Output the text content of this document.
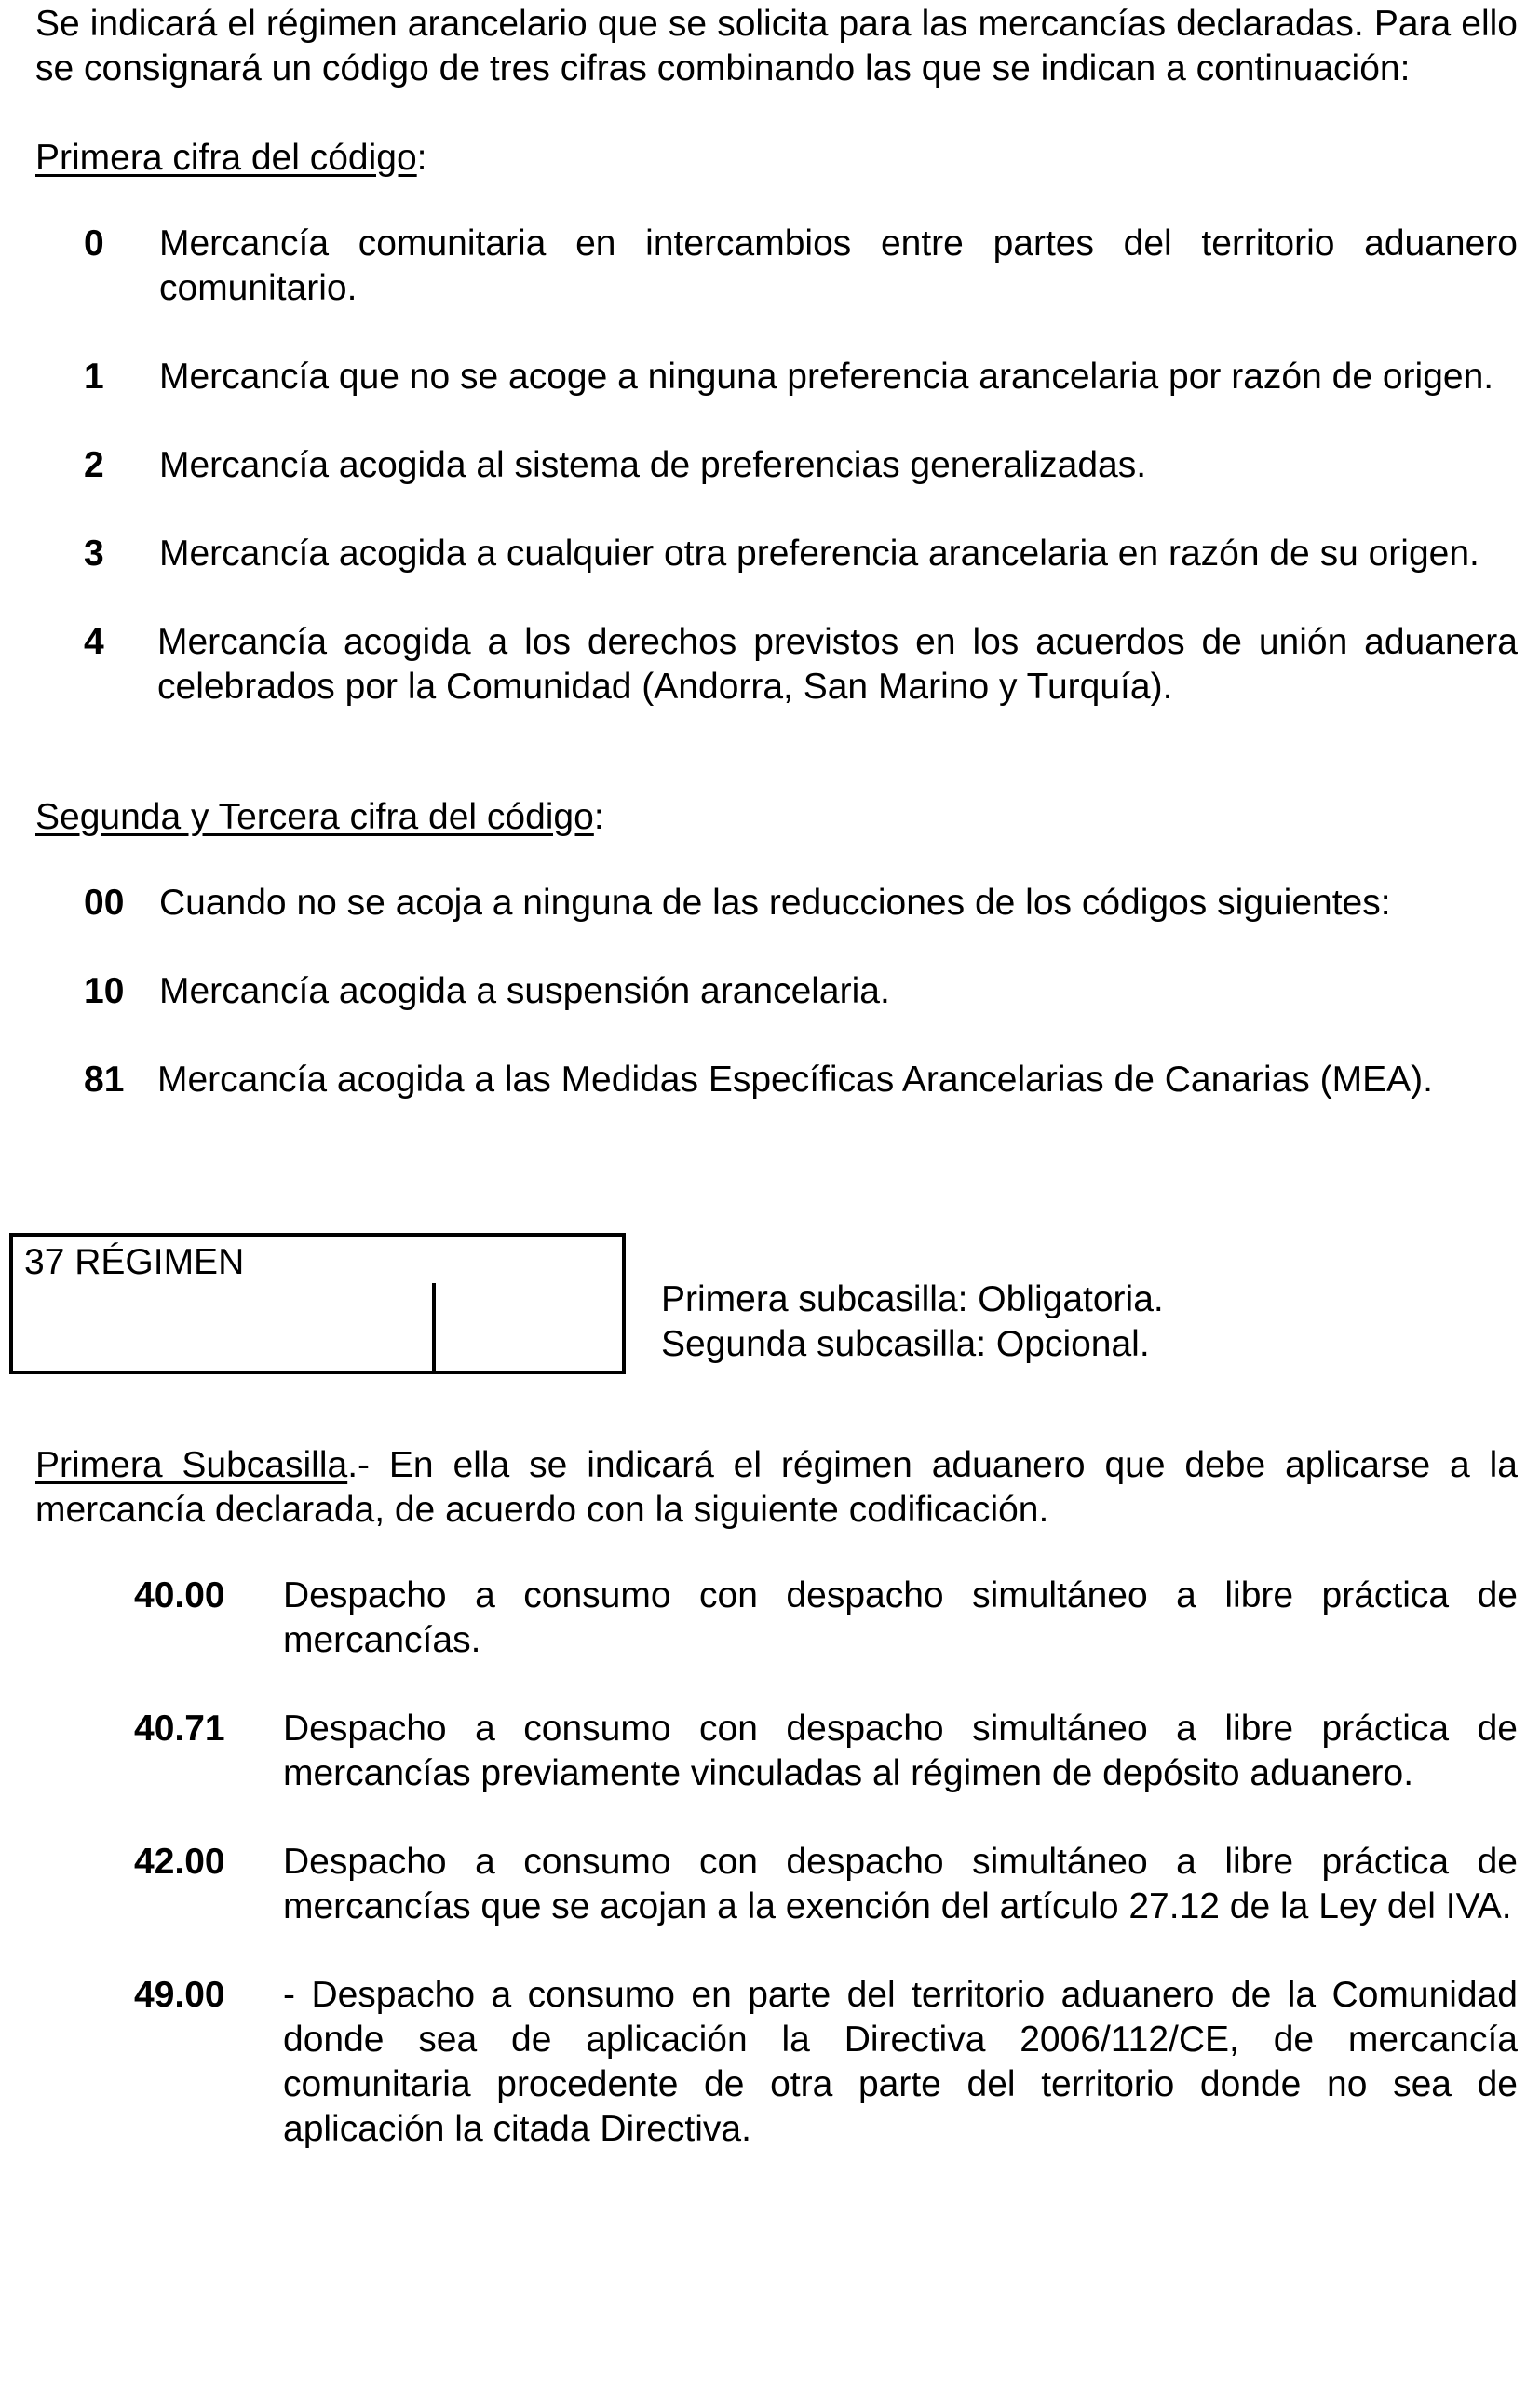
Se indicará el régimen arancelario que se solicita para las mercancías declaradas. Para ello se consignará un código de tres cifras combinando las que se indican a continuación:

Primera cifra del código:

0 Mercancía comunitaria en intercambios entre partes del territorio aduanero comunitario.
1 Mercancía que no se acoge a ninguna preferencia arancelaria por razón de origen.
2 Mercancía acogida al sistema de preferencias generalizadas.
3 Mercancía acogida a cualquier otra preferencia arancelaria en razón de su origen.
4 Mercancía acogida a los derechos previstos en los acuerdos de unión aduanera celebrados por la Comunidad (Andorra, San Marino y Turquía).

Segunda y Tercera cifra del código:

00 Cuando no se acoja a ninguna de las reducciones de los códigos siguientes:
10 Mercancía acogida a suspensión arancelaria.
81 Mercancía acogida a las Medidas Específicas Arancelarias de Canarias (MEA).
37 RÉGIMEN
Primera subcasilla: Obligatoria.
Segunda subcasilla: Opcional.

Primera Subcasilla.- En ella se indicará el régimen aduanero que debe aplicarse a la mercancía declarada, de acuerdo con la siguiente codificación.

40.00 Despacho a consumo con despacho simultáneo a libre práctica de mercancías.
40.71 Despacho a consumo con despacho simultáneo a libre práctica de mercancías previamente vinculadas al régimen de depósito aduanero.
42.00 Despacho a consumo con despacho simultáneo a libre práctica de mercancías que se acojan a la exención del artículo 27.12 de la Ley del IVA.
49.00 - Despacho a consumo en parte del territorio aduanero de la Comunidad donde sea de aplicación la Directiva 2006/112/CE, de mercancía comunitaria procedente de otra parte del territorio donde no sea de aplicación la citada Directiva.
